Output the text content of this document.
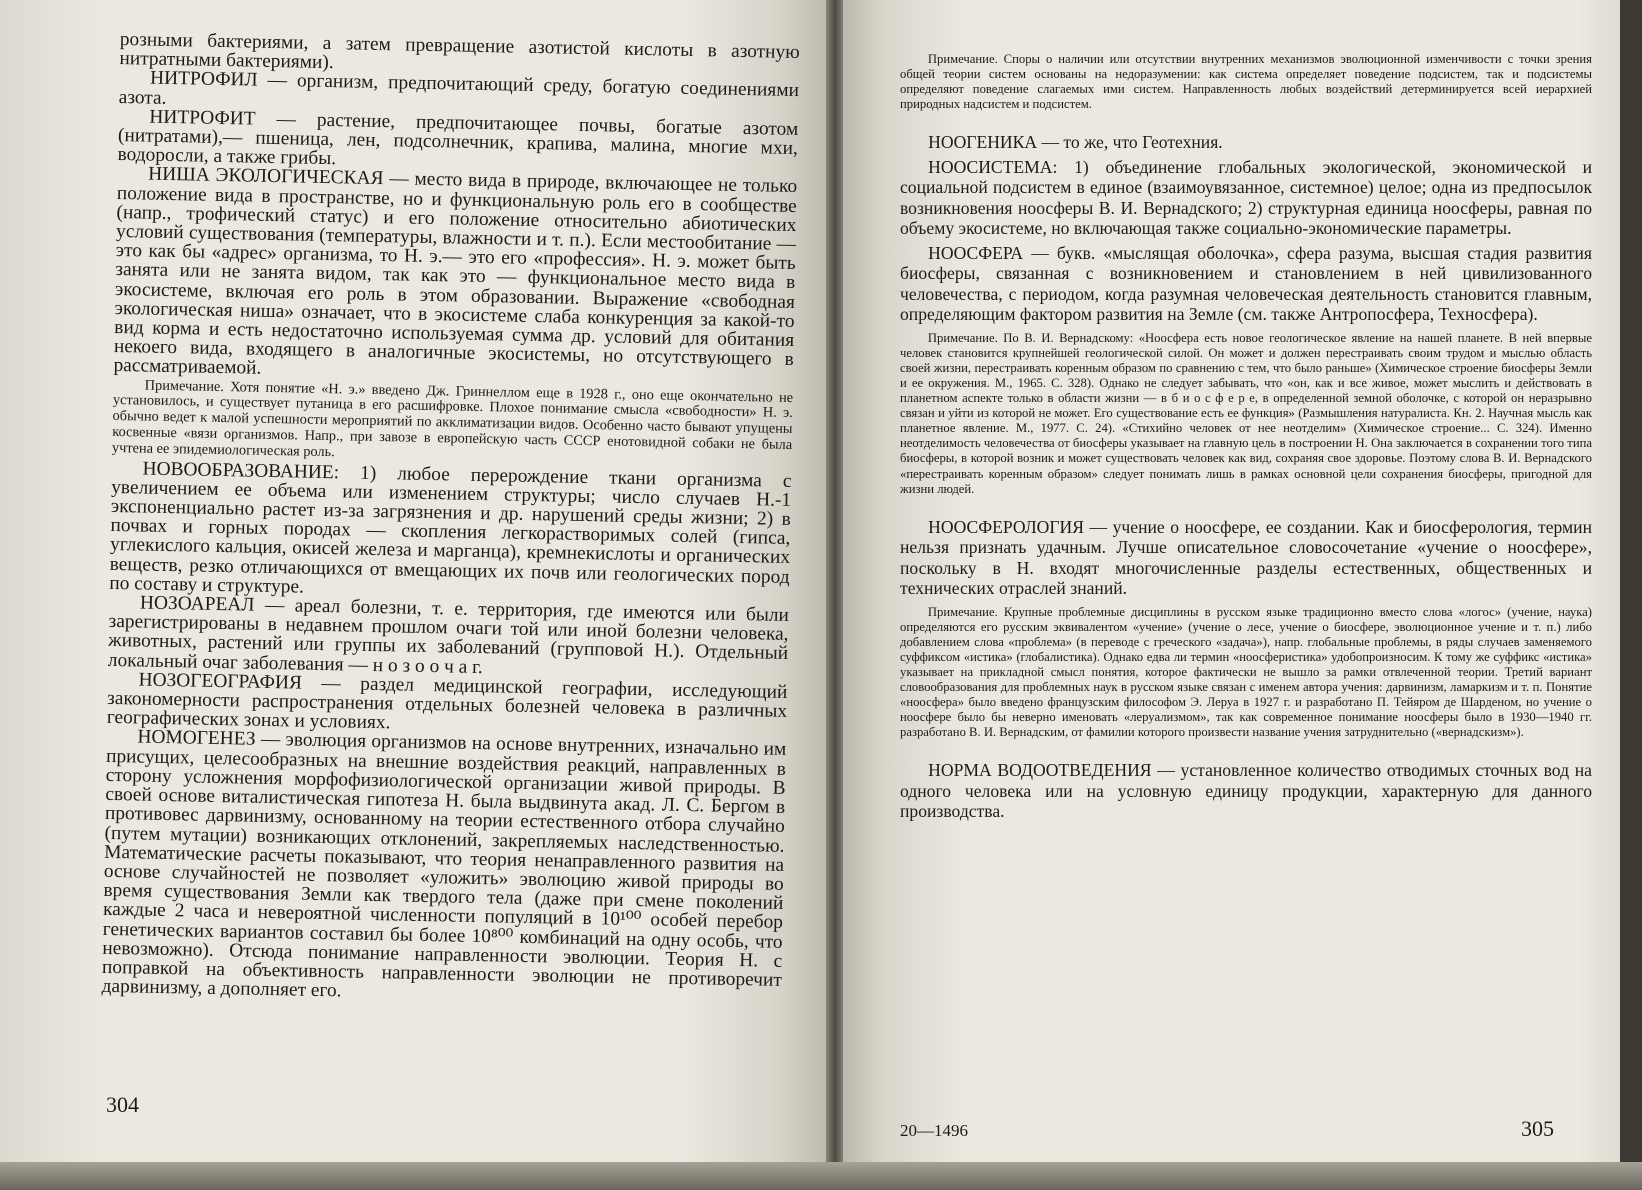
розными бактериями, а затем превращение азотистой кислоты в азотную нитратными бактериями).

НИТРОФИЛ — организм, предпочитающий среду, богатую соединениями азота.

НИТРОФИТ — растение, предпочитающее почвы, богатые азотом (нитратами),— пшеница, лен, подсолнечник, крапива, малина, многие мхи, водоросли, а также грибы.

НИША ЭКОЛОГИЧЕСКАЯ — место вида в природе, включающее не только положение вида в пространстве, но и функциональную роль его в сообществе (напр., трофический статус) и его положение относительно абиотических условий существования (температуры, влажности и т. п.). Если местообитание — это как бы «адрес» организма, то Н. э.— это его «профессия». Н. э. может быть занята или не занята видом, так как это — функциональное место вида в экосистеме, включая его роль в этом образовании. Выражение «свободная экологическая ниша» означает, что в экосистеме слаба конкуренция за какой-то вид корма и есть недостаточно используемая сумма др. условий для обитания некоего вида, входящего в аналогичные экосистемы, но отсутствующего в рассматриваемой.

Примечание. Хотя понятие «Н. э.» введено Дж. Гриннеллом еще в 1928 г., оно еще окончательно не установилось, и существует путаница в его расшифровке. Плохое понимание смысла «свободности» Н. э. обычно ведет к малой успешности мероприятий по акклиматизации видов. Особенно часто бывают упущены косвенные «вязи организмов. Напр., при завозе в европейскую часть СССР енотовидной собаки не была учтена ее эпидемиологическая роль.

НОВООБРАЗОВАНИЕ: 1) любое перерождение ткани организма с увеличением ее объема или изменением структуры; число случаев Н.-1 экспоненциально растет из-за загрязнения и др. нарушений среды жизни; 2) в почвах и горных породах — скопления легкорастворимых солей (гипса, углекислого кальция, окисей железа и марганца), кремнекислоты и органических веществ, резко отличающихся от вмещающих их почв или геологических пород по составу и структуре.

НОЗОАРЕАЛ — ареал болезни, т. е. территория, где имеются или были зарегистрированы в недавнем прошлом очаги той или иной болезни человека, животных, растений или группы их заболеваний (групповой Н.). Отдельный локальный очаг заболевания — н о з о о ч а г.

НОЗОГЕОГРАФИЯ — раздел медицинской географии, исследующий закономерности распространения отдельных болезней человека в различных географических зонах и условиях.

НОМОГЕНЕЗ — эволюция организмов на основе внутренних, изначально им присущих, целесообразных на внешние воздействия реакций, направленных в сторону усложнения морфофизиологической организации живой природы. В своей основе виталистическая гипотеза Н. была выдвинута акад. Л. С. Бергом в противовес дарвинизму, основанному на теории естественного отбора случайно (путем мутации) возникающих отклонений, закрепляемых наследственностью. Математические расчеты показывают, что теория ненаправленного развития на основе случайностей не позволяет «уложить» эволюцию живой природы во время существования Земли как твердого тела (даже при смене поколений каждые 2 часа и невероятной численности популяций в 10¹⁰⁰ особей перебор генетических вариантов составил бы более 10⁸⁰⁰ комбинаций на одну особь, что невозможно). Отсюда понимание направленности эволюции. Теория Н. с поправкой на объективность направленности эволюции не противоречит дарвинизму, а дополняет его.

304

Примечание. Споры о наличии или отсутствии внутренних механизмов эволюционной изменчивости с точки зрения общей теории систем основаны на недоразумении: как система определяет поведение подсистем, так и подсистемы определяют поведение слагаемых ими систем. Направленность любых воздействий детерминируется всей иерархией природных надсистем и подсистем.

НООГЕНИКА — то же, что Геотехния.

НООСИСТЕМА: 1) объединение глобальных экологической, экономической и социальной подсистем в единое (взаимоувязанное, системное) целое; одна из предпосылок возникновения ноосферы В. И. Вернадского; 2) структурная единица ноосферы, равная по объему экосистеме, но включающая также социально-экономические параметры.

НООСФЕРА — букв. «мыслящая оболочка», сфера разума, высшая стадия развития биосферы, связанная с возникновением и становлением в ней цивилизованного человечества, с периодом, когда разумная человеческая деятельность становится главным, определяющим фактором развития на Земле (см. также Антропосфера, Техносфера).

Примечание. По В. И. Вернадскому: «Ноосфера есть новое геологическое явление на нашей планете. В ней впервые человек становится крупнейшей геологической силой. Он может и должен перестраивать своим трудом и мыслью область своей жизни, перестраивать коренным образом по сравнению с тем, что было раньше» (Химическое строение биосферы Земли и ее окружения. М., 1965. С. 328). Однако не следует забывать, что «он, как и все живое, может мыслить и действовать в планетном аспекте только в области жизни — в б и о с ф е р е, в определенной земной оболочке, с которой он неразрывно связан и уйти из которой не может. Его существование есть ее функция» (Размышления натуралиста. Кн. 2. Научная мысль как планетное явление. М., 1977. С. 24). «Стихийно человек от нее неотделим» (Химическое строение... С. 324). Именно неотделимость человечества от биосферы указывает на главную цель в построении Н. Она заключается в сохранении того типа биосферы, в которой возник и может существовать человек как вид, сохраняя свое здоровье. Поэтому слова В. И. Вернадского «перестраивать коренным образом» следует понимать лишь в рамках основной цели сохранения биосферы, пригодной для жизни людей.

НООСФЕРОЛОГИЯ — учение о ноосфере, ее создании. Как и биосферология, термин нельзя признать удачным. Лучше описательное словосочетание «учение о ноосфере», поскольку в Н. входят многочисленные разделы естественных, общественных и технических отраслей знаний.

Примечание. Крупные проблемные дисциплины в русском языке традиционно вместо слова «логос» (учение, наука) определяются его русским эквивалентом «учение» (учение о лесе, учение о биосфере, эволюционное учение и т. п.) либо добавлением слова «проблема» (в переводе с греческого «задача»), напр. глобальные проблемы, в ряды случаев заменяемого суффиксом «истика» (глобалистика). Однако едва ли термин «ноосферистика» удобопроизносим. К тому же суффикс «истика» указывает на прикладной смысл понятия, которое фактически не вышло за рамки отвлеченной теории. Третий вариант словообразования для проблемных наук в русском языке связан с именем автора учения: дарвинизм, ламаркизм и т. п. Понятие «ноосфера» было введено французским философом Э. Леруа в 1927 г. и разработано П. Тейяром де Шарденом, но учение о ноосфере было бы неверно именовать «леруализмом», так как современное понимание ноосферы было в 1930—1940 гг. разработано В. И. Вернадским, от фамилии которого произвести название учения затруднительно («вернадскизм»).

НОРМА ВОДООТВЕДЕНИЯ — установленное количество отводимых сточных вод на одного человека или на условную единицу продукции, характерную для данного производства.

20—1496	305
